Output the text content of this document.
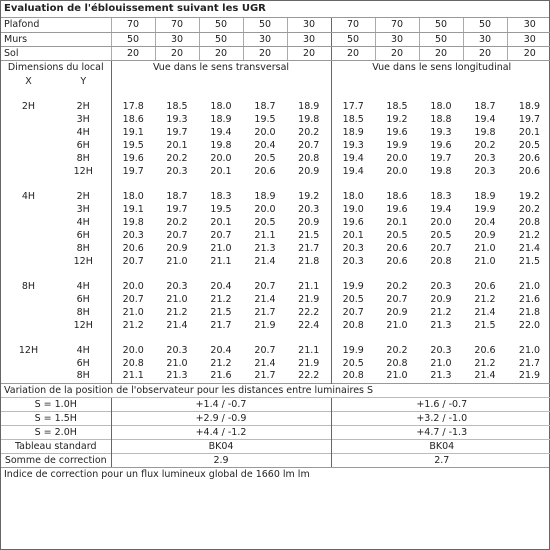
Evaluation de l'éblouissement suivant les UGR
Plafond		70	70	50	50	30	70	70	50	50	30
Murs		50	30	50	30	30	50	30	50	30	30
Sol		20	20	20	20	20	20	20	20	20	20
Dimensions du local		Vue dans le sens transversal					Vue dans le sens longitudinal				
X	Y										

2H	2H	17.8	18.5	18.0	18.7	18.9	17.7	18.5	18.0	18.7	18.9
	3H	18.6	19.3	18.9	19.5	19.8	18.5	19.2	18.8	19.4	19.7
	4H	19.1	19.7	19.4	20.0	20.2	18.9	19.6	19.3	19.8	20.1
	6H	19.5	20.1	19.8	20.4	20.7	19.3	19.9	19.6	20.2	20.5
	8H	19.6	20.2	20.0	20.5	20.8	19.4	20.0	19.7	20.3	20.6
	12H	19.7	20.3	20.1	20.6	20.9	19.4	20.0	19.8	20.3	20.6

4H	2H	18.0	18.7	18.3	18.9	19.2	18.0	18.6	18.3	18.9	19.2
	3H	19.1	19.7	19.5	20.0	20.3	19.0	19.6	19.4	19.9	20.2
	4H	19.8	20.2	20.1	20.5	20.9	19.6	20.1	20.0	20.4	20.8
	6H	20.3	20.7	20.7	21.1	21.5	20.1	20.5	20.5	20.9	21.2
	8H	20.6	20.9	21.0	21.3	21.7	20.3	20.6	20.7	21.0	21.4
	12H	20.7	21.0	21.1	21.4	21.8	20.3	20.6	20.8	21.0	21.5

8H	4H	20.0	20.3	20.4	20.7	21.1	19.9	20.2	20.3	20.6	21.0
	6H	20.7	21.0	21.2	21.4	21.9	20.5	20.7	20.9	21.2	21.6
	8H	21.0	21.2	21.5	21.7	22.2	20.7	20.9	21.2	21.4	21.8
	12H	21.2	21.4	21.7	21.9	22.4	20.8	21.0	21.3	21.5	22.0

12H	4H	20.0	20.3	20.4	20.7	21.1	19.9	20.2	20.3	20.6	21.0
	6H	20.8	21.0	21.2	21.4	21.9	20.5	20.8	21.0	21.2	21.7
	8H	21.1	21.3	21.6	21.7	22.2	20.8	21.0	21.3	21.4	21.9
Variation de la position de l'observateur pour les distances entre luminaires S											
S = 1.0H		+1.4 / -0.7					+1.6 / -0.7				
S = 1.5H		+2.9 / -0.9					+3.2 / -1.0				
S = 2.0H		+4.4 / -1.2					+4.7 / -1.3				
Tableau standard		BK04					BK04				
Somme de correction		2.9					2.7				
Indice de correction pour un flux lumineux global de 1660 lm lm
